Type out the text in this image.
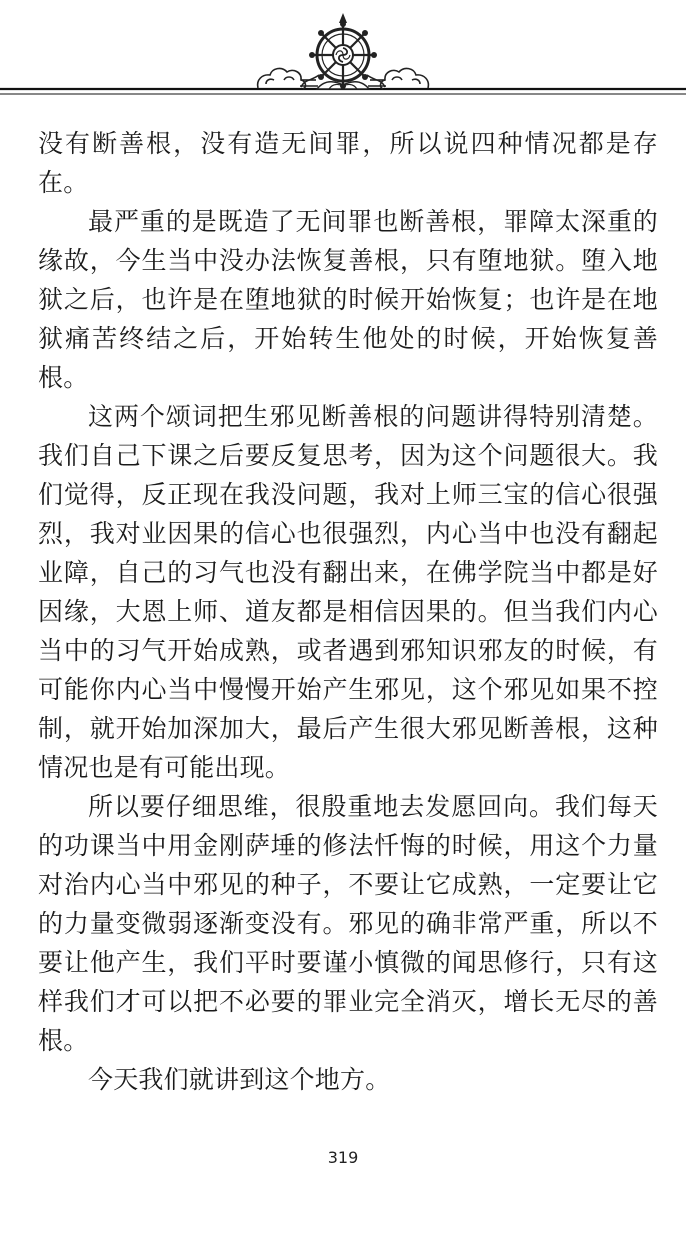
没有断善根，没有造无间罪，所以说四种情况都是存在。

最严重的是既造了无间罪也断善根，罪障太深重的缘故，今生当中没办法恢复善根，只有堕地狱。堕入地狱之后，也许是在堕地狱的时候开始恢复；也许是在地狱痛苦终结之后，开始转生他处的时候，开始恢复善根。

这两个颂词把生邪见断善根的问题讲得特别清楚。我们自己下课之后要反复思考，因为这个问题很大。我们觉得，反正现在我没问题，我对上师三宝的信心很强烈，我对业因果的信心也很强烈，内心当中也没有翻起业障，自己的习气也没有翻出来，在佛学院当中都是好因缘，大恩上师、道友都是相信因果的。但当我们内心当中的习气开始成熟，或者遇到邪知识邪友的时候，有可能你内心当中慢慢开始产生邪见，这个邪见如果不控制，就开始加深加大，最后产生很大邪见断善根，这种情况也是有可能出现。

所以要仔细思维，很殷重地去发愿回向。我们每天的功课当中用金刚萨埵的修法忏悔的时候，用这个力量对治内心当中邪见的种子，不要让它成熟，一定要让它的力量变微弱逐渐变没有。邪见的确非常严重，所以不要让他产生，我们平时要谨小慎微的闻思修行，只有这样我们才可以把不必要的罪业完全消灭，增长无尽的善根。

今天我们就讲到这个地方。

319
